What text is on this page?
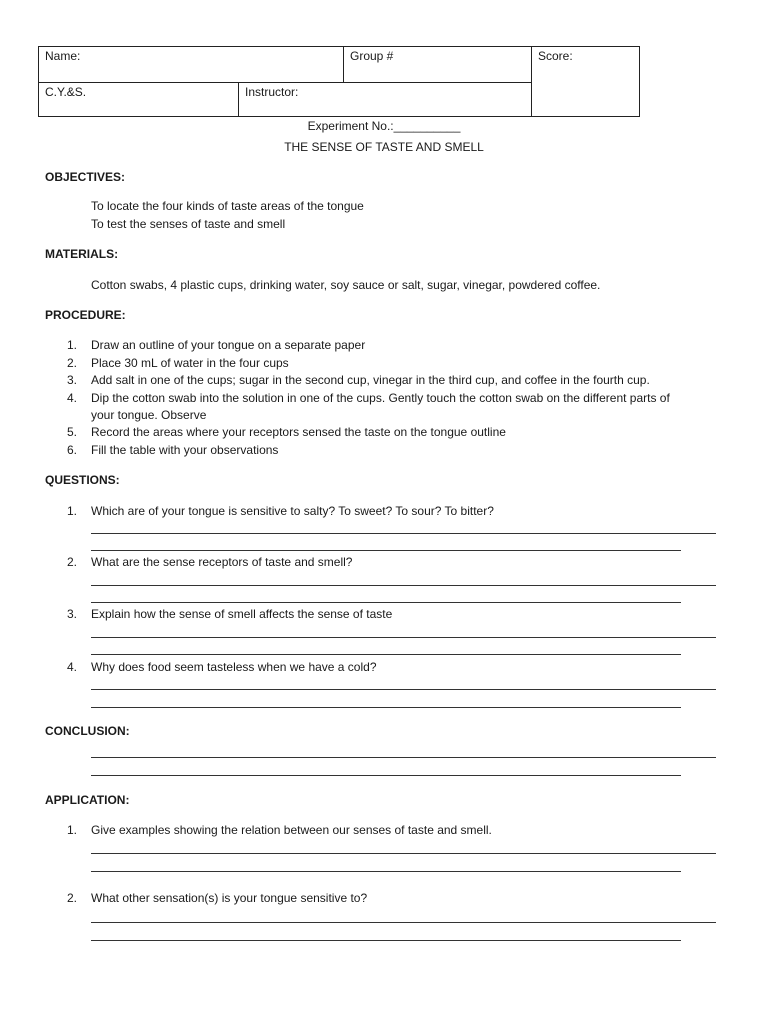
Name:	Group #	Score:
C.Y.&S.	Instructor:
Experiment No.:__________
THE SENSE OF TASTE AND SMELL
OBJECTIVES:
To locate the four kinds of taste areas of the tongue
To test the senses of taste and smell
MATERIALS:
Cotton swabs, 4 plastic cups, drinking water, soy sauce or salt, sugar, vinegar, powdered coffee.
PROCEDURE:
1. Draw an outline of your tongue on a separate paper
2. Place 30 mL of water in the four cups
3. Add salt in one of the cups; sugar in the second cup, vinegar in the third cup, and coffee in the fourth cup.
4. Dip the cotton swab into the solution in one of the cups. Gently touch the cotton swab on the different parts of
your tongue. Observe
5. Record the areas where your receptors sensed the taste on the tongue outline
6. Fill the table with your observations
QUESTIONS:
1. Which are of your tongue is sensitive to salty? To sweet? To sour? To bitter?
2. What are the sense receptors of taste and smell?
3. Explain how the sense of smell affects the sense of taste
4. Why does food seem tasteless when we have a cold?
CONCLUSION:
APPLICATION:
1. Give examples showing the relation between our senses of taste and smell.
2. What other sensation(s) is your tongue sensitive to?
